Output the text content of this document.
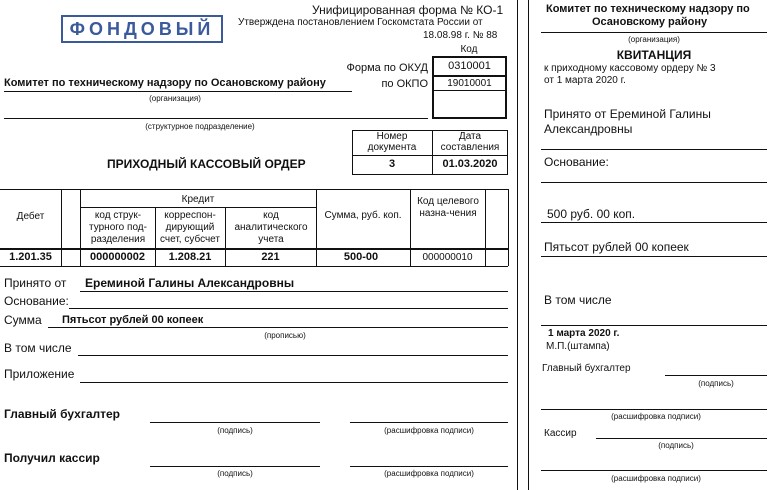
ФОНДОВЫЙ
Унифицированная форма № КО-1
Утверждена постановлением Госкомстата России от
18.08.98 г. № 88
Код
Форма по ОКУД
по ОКПО
0310001
19010001
Комитет по техническому надзору по Осановскому району
(организация)
(структурное подразделение)
Номер документа
Дата составления
3	01.03.2020
ПРИХОДНЫЙ КАССОВЫЙ ОРДЕР
Дебет
Кредит
код струк-турного под-разделения
корреспон-дирующий счет, субсчет
код аналитического учета
Сумма, руб. коп.
Код целевого назна-чения
1.201.35	000000002	1.208.21	221	500-00	000000010
Принято от Ереминой Галины Александровны
Основание:
Сумма Пятьсот рублей 00 копеек
(прописью)
В том числе
Приложение
Главный бухгалтер
(подпись)	(расшифровка подписи)
Получил кассир
(подпись)	(расшифровка подписи)
Комитет по техническому надзору по
Осановскому району
(организация)
КВИТАНЦИЯ
к приходному кассовому ордеру № 3
от 1 марта 2020 г.
Принято от Ереминой Галины
Александровны
Основание:
500 руб. 00 коп.
Пятьсот рублей 00 копеек
В том числе
1 марта 2020 г.
М.П.(штампа)
Главный бухгалтер
(подпись)
(расшифровка подписи)
Кассир
(подпись)
(расшифровка подписи)
